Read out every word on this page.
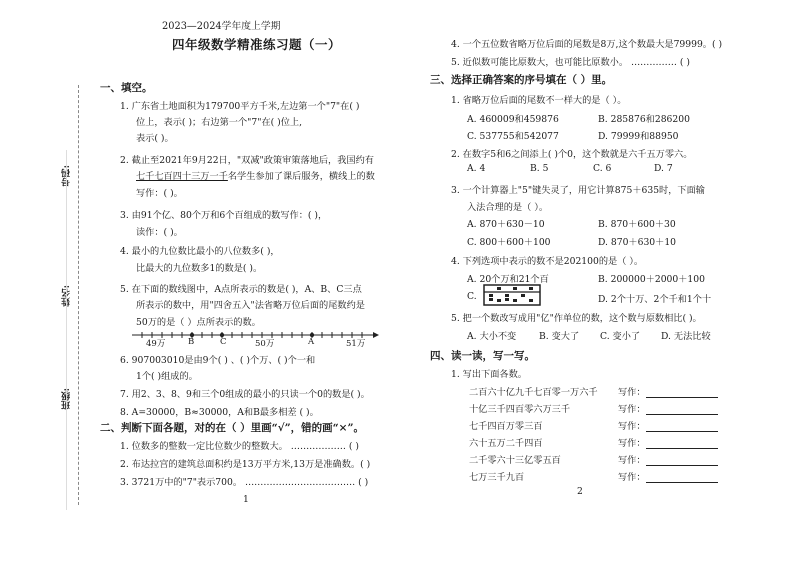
号码:
姓名:
班级:
2023—2024学年度上学期
四年级数学精准练习题（一）
一、填空。
1. 广东省土地面积为179700平方千米,左边第一个"7"在( )
位上，表示( )；右边第一个"7"在( )位上,
表示( )。
2. 截止至2021年9月22日，"双减"政策审策落地后，我国约有
七千七百四十三万一千名学生参加了课后服务，横线上的数
写作：( )。
3. 由91个亿、80个万和6个百组成的数写作：( )，
读作：( )。
4. 最小的九位数比最小的八位数多( )，
比最大的九位数多1的数是( )。
5. 在下面的数线图中，A点所表示的数是( )，A、B、C三点
所表示的数中，用"四舍五入"法省略万位后面的尾数约是
50万的是（ ）点所表示的数。
49万	B	C	50万	A	51万
6. 907003010是由9个( ) 、( )个万、( )个一和
1个( )组成的。
7. 用2、3、8、9和三个0组成的最小的只读一个0的数是( )。
8. A=30000，B≈30000，A和B最多相差 ( )。
二、判断下面各题，对的在（ ）里画“√”，错的画“×”。
1. 位数多的整数一定比位数少的整数大。 ……………… ( )
2. 布达拉宫的建筑总面积约是13万平方米,13万是准确数。( )
3. 3721万中的"7"表示700。 ……………………………… ( )
1
4. 一个五位数省略万位后面的尾数是8万,这个数最大是79999。( )
5. 近似数可能比原数大，也可能比原数小。 …………… ( )
三、选择正确答案的序号填在（ ）里。
1. 省略万位后面的尾数不一样大的是（ ）。
A. 460009和459876	B. 285876和286200
C. 537755和542077	D. 79999和88950
2. 在数字5和6之间添上( )个0，这个数就是六千五万零六。
A. 4	B. 5	C. 6	D. 7
3. 一个计算器上"5"键失灵了，用它计算875＋635时，下面输
入法合理的是（ ）。
A. 870＋630－10	B. 870＋600＋30
C. 800＋600＋100	D. 870＋630＋10
4. 下列选项中表示的数不是202100的是（ ）。
A. 20个万和21个百	B. 200000＋2000＋100
C.	D. 2个十万、2个千和1个十
5. 把一个数改写成用"亿"作单位的数，这个数与原数相比( )。
A. 大小不变 B. 变大了 C. 变小了 D. 无法比较
四、读一读，写一写。
1. 写出下面各数。
二百六十亿九千七百零一万六千 写作：
十亿三千四百零六万三千	写作：
七千四百万零三百	写作：
六十五万二千四百	写作：
二千零六十三亿零五百	写作：
七万三千九百	写作：
2
